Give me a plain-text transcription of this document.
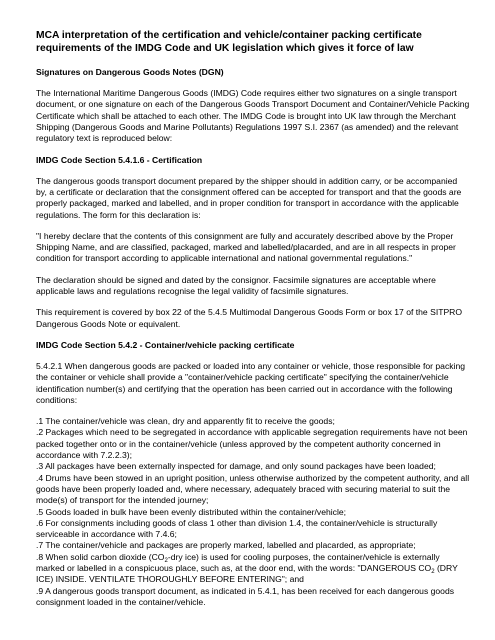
MCA interpretation of the certification and vehicle/container packing certificate requirements of the IMDG Code and UK legislation which gives it force of law
Signatures on Dangerous Goods Notes (DGN)
The International Maritime Dangerous Goods (IMDG) Code requires either two signatures on a single transport document, or one signature on each of the Dangerous Goods Transport Document and Container/Vehicle Packing Certificate which shall be attached to each other. The IMDG Code is brought into UK law through the Merchant Shipping (Dangerous Goods and Marine Pollutants) Regulations 1997 S.I. 2367 (as amended) and the relevant regulatory text is reproduced below:
IMDG Code Section 5.4.1.6 - Certification
The dangerous goods transport document prepared by the shipper should in addition carry, or be accompanied by, a certificate or declaration that the consignment offered can be accepted for transport and that the goods are properly packaged, marked and labelled, and in proper condition for transport in accordance with the applicable regulations. The form for this declaration is:
"I hereby declare that the contents of this consignment are fully and accurately described above by the Proper Shipping Name, and are classified, packaged, marked and labelled/placarded, and are in all respects in proper condition for transport according to applicable international and national governmental regulations."
The declaration should be signed and dated by the consignor. Facsimile signatures are acceptable where applicable laws and regulations recognise the legal validity of facsimile signatures.
This requirement is covered by box 22 of the 5.4.5 Multimodal Dangerous Goods Form or box 17 of the SITPRO Dangerous Goods Note or equivalent.
IMDG Code Section 5.4.2 - Container/vehicle packing certificate
5.4.2.1 When dangerous goods are packed or loaded into any container or vehicle, those responsible for packing the container or vehicle shall provide a "container/vehicle packing certificate" specifying the container/vehicle identification number(s) and certifying that the operation has been carried out in accordance with the following conditions:
.1 The container/vehicle was clean, dry and apparently fit to receive the goods;
.2 Packages which need to be segregated in accordance with applicable segregation requirements have not been packed together onto or in the container/vehicle (unless approved by the competent authority concerned in accordance with 7.2.2.3);
.3 All packages have been externally inspected for damage, and only sound packages have been loaded;
.4 Drums have been stowed in an upright position, unless otherwise authorized by the competent authority, and all goods have been properly loaded and, where necessary, adequately braced with securing material to suit the mode(s) of transport for the intended journey;
.5 Goods loaded in bulk have been evenly distributed within the container/vehicle;
.6 For consignments including goods of class 1 other than division 1.4, the container/vehicle is structurally serviceable in accordance with 7.4.6;
.7 The container/vehicle and packages are properly marked, labelled and placarded, as appropriate;
.8 When solid carbon dioxide ($CO_2$-dry ice) is used for cooling purposes, the container/vehicle is externally marked or labelled in a conspicuous place, such as, at the door end, with the words: "DANGEROUS $CO_2$ (DRY ICE) INSIDE. VENTILATE THOROUGHLY BEFORE ENTERING"; and
.9 A dangerous goods transport document, as indicated in 5.4.1, has been received for each dangerous goods consignment loaded in the container/vehicle.
